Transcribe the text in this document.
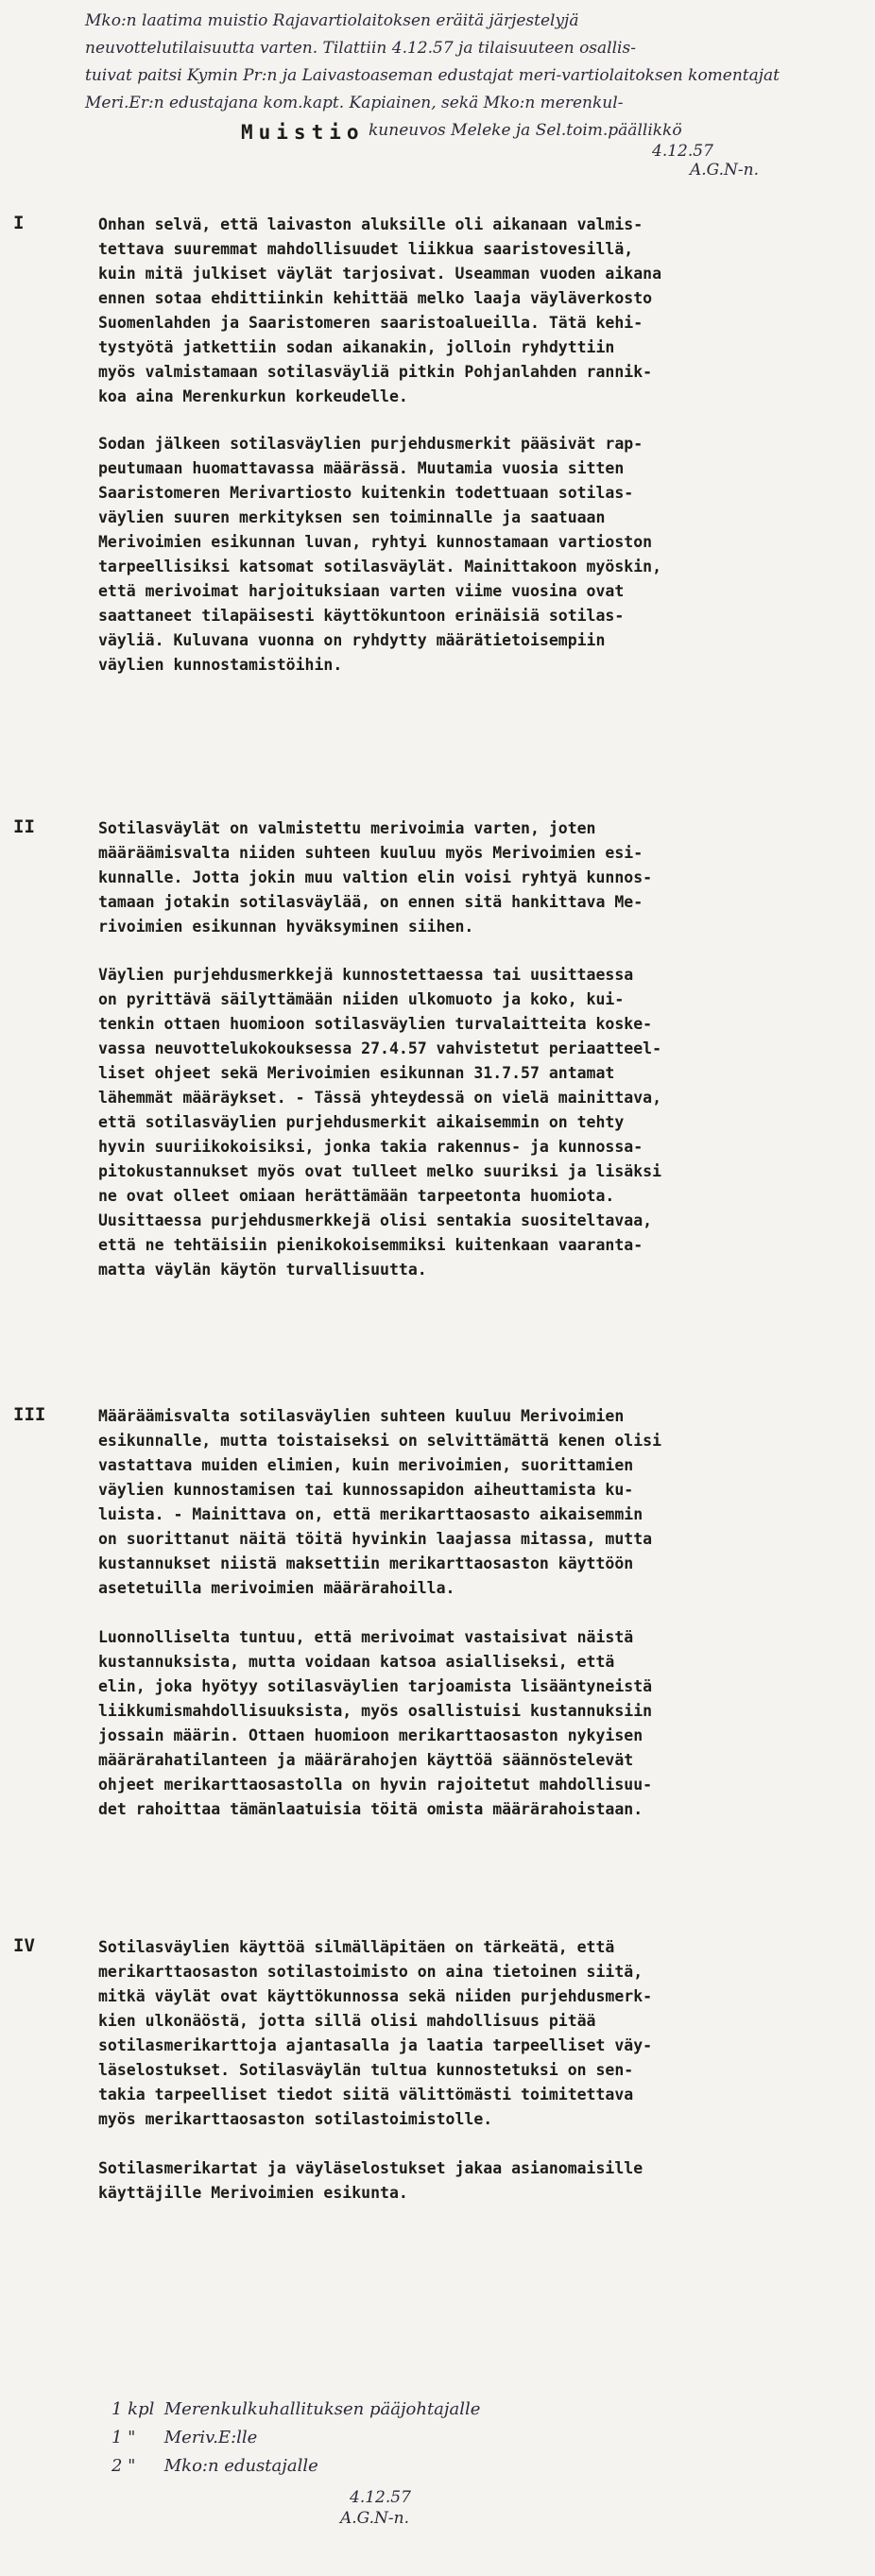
Mko:n laatima muistio Rajavartiolaitoksen eräitä järjestelyjä
neuvottelutilaisuutta varten. Tilattiin 4.12.57 ja tilaisuuteen osallis-
tuivat paitsi Kymin Pr:n ja Laivastoaseman edustajat meri-vartiolaitoksen komentajat
Meri.Er:n edustajana kom.kapt. Kapiainen, sekä Mko:n merenkul-
kuneuvos Meleke ja Sel.toim.päällikkö
Muistio
4.12.57
A.G.N-n.
I	Onhan selvä, että laivaston aluksille oli aikanaan valmis-
tettava suuremmat mahdollisuudet liikkua saaristovesillä,
kuin mitä julkiset väylät tarjosivat. Useamman vuoden aikana
ennen sotaa ehdittiinkin kehittää melko laaja väyläverkosto
Suomenlahden ja Saaristomeren saaristoalueilla. Tätä kehi-
tystyötä jatkettiin sodan aikanakin, jolloin ryhdyttiin
myös valmistamaan sotilasväyliä pitkin Pohjanlahden rannik-
koa aina Merenkurkun korkeudelle.
Sodan jälkeen sotilasväylien purjehdusmerkit pääsivät rap-
peutumaan huomattavassa määrässä. Muutamia vuosia sitten
Saaristomeren Merivartiosto kuitenkin todettuaan sotilas-
väylien suuren merkityksen sen toiminnalle ja saatuaan
Merivoimien esikunnan luvan, ryhtyi kunnostamaan vartioston
tarpeellisiksi katsomat sotilasväylät. Mainittakoon myöskin,
että merivoimat harjoituksiaan varten viime vuosina ovat
saattaneet tilapäisesti käyttökuntoon erinäisiä sotilas-
väyliä. Kuluvana vuonna on ryhdytty määrätietoisempiin
väylien kunnostamistöihin.
II	Sotilasväylät on valmistettu merivoimia varten, joten
määräämisvalta niiden suhteen kuuluu myös Merivoimien esi-
kunnalle. Jotta jokin muu valtion elin voisi ryhtyä kunnos-
tamaan jotakin sotilasväylää, on ennen sitä hankittava Me-
rivoimien esikunnan hyväksyminen siihen.
Väylien purjehdusmerkkejä kunnostettaessa tai uusittaessa
on pyrittävä säilyttämään niiden ulkomuoto ja koko, kui-
tenkin ottaen huomioon sotilasväylien turvalaitteita koske-
vassa neuvottelukokouksessa 27.4.57 vahvistetut periaatteel-
liset ohjeet sekä Merivoimien esikunnan 31.7.57 antamat
lähemmät määräykset. - Tässä yhteydessä on vielä mainittava,
että sotilasväylien purjehdusmerkit aikaisemmin on tehty
hyvin suuriikokoisiksi, jonka takia rakennus- ja kunnossa-
pitokustannukset myös ovat tulleet melko suuriksi ja lisäksi
ne ovat olleet omiaan herättämään tarpeetonta huomiota.
Uusittaessa purjehdusmerkkejä olisi sentakia suositeltavaa,
että ne tehtäisiin pienikokoisemmiksi kuitenkaan vaaranta-
matta väylän käytön turvallisuutta.
III	Määräämisvalta sotilasväylien suhteen kuuluu Merivoimien
esikunnalle, mutta toistaiseksi on selvittämättä kenen olisi
vastattava muiden elimien, kuin merivoimien, suorittamien
väylien kunnostamisen tai kunnossapidon aiheuttamista ku-
luista. - Mainittava on, että merikarttaosasto aikaisemmin
on suorittanut näitä töitä hyvinkin laajassa mitassa, mutta
kustannukset niistä maksettiin merikarttaosaston käyttöön
asetetuilla merivoimien määrärahoilla.
Luonnolliselta tuntuu, että merivoimat vastaisivat näistä
kustannuksista, mutta voidaan katsoa asialliseksi, että
elin, joka hyötyy sotilasväylien tarjoamista lisääntyneistä
liikkumismahdollisuuksista, myös osallistuisi kustannuksiin
jossain määrin. Ottaen huomioon merikarttaosaston nykyisen
määrärahatilanteen ja määrärahojen käyttöä säännöstelevät
ohjeet merikarttaosastolla on hyvin rajoitetut mahdollisuu-
det rahoittaa tämänlaatuisia töitä omista määrärahoistaan.
IV	Sotilasväylien käyttöä silmälläpitäen on tärkeätä, että
merikarttaosaston sotilastoimisto on aina tietoinen siitä,
mitkä väylät ovat käyttökunnossa sekä niiden purjehdusmerk-
kien ulkonäöstä, jotta sillä olisi mahdollisuus pitää
sotilasmerikarttoja ajantasalla ja laatia tarpeelliset väy-
läselostukset. Sotilasväylän tultua kunnostetuksi on sen-
takia tarpeelliset tiedot siitä välittömästi toimitettava
myös merikarttaosaston sotilastoimistolle.
Sotilasmerikartat ja väyläselostukset jakaa asianomaisille
käyttäjille Merivoimien esikunta.
1 kpl Merenkulkuhallituksen pääjohtajalle
1 " Meriv.E:lle
2 " Mko:n edustajalle
4.12.57
A.G.N-n.
